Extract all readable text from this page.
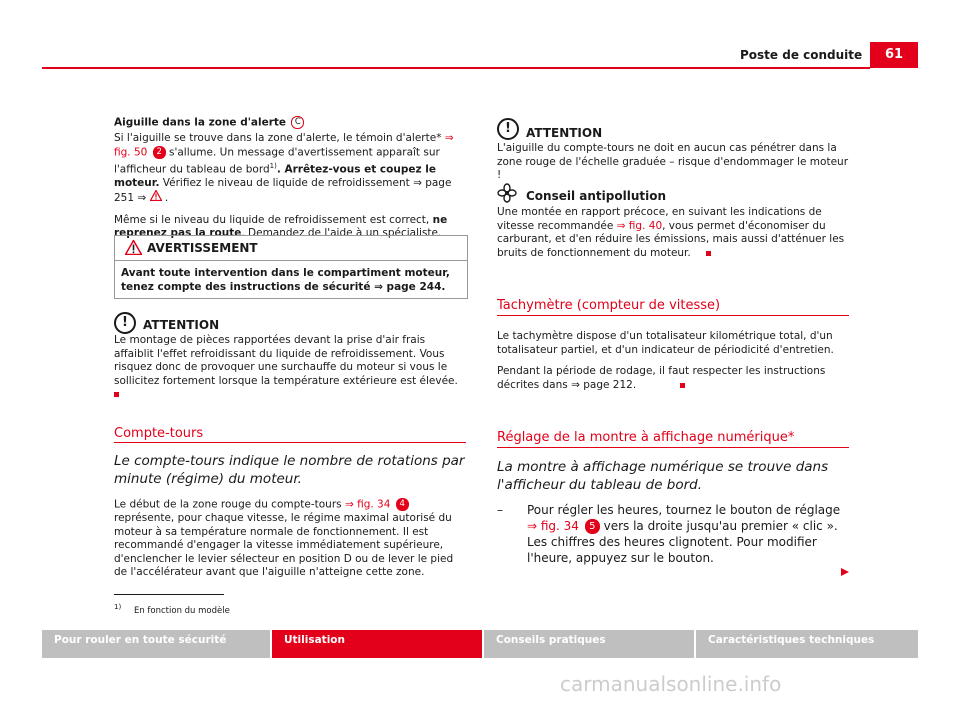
Poste de conduite	61

Aiguille dans la zone d'alerte C

Si l'aiguille se trouve dans la zone d'alerte, le témoin d'alerte* ⇒ fig. 50 2 s'allume. Un message d'avertissement apparaît sur l'afficheur du tableau de bord$^{1)}$. Arrêtez-vous et coupez le moteur. Vérifiez le niveau de liquide de refroidissement ⇒ page 251 ⇒  .

Même si le niveau du liquide de refroidissement est correct, ne reprenez pas la route. Demandez de l'aide à un spécialiste.

AVERTISSEMENT
Avant toute intervention dans le compartiment moteur, tenez compte des instructions de sécurité ⇒ page 244.
!	ATTENTION
Le montage de pièces rapportées devant la prise d'air frais affaiblit l'effet refroidissant du liquide de refroidissement. Vous risquez donc de provoquer une surchauffe du moteur si vous le sollicitez fortement lorsque la température extérieure est élevée.
Compte-tours
Le compte-tours indique le nombre de rotations par minute (régime) du moteur.
Le début de la zone rouge du compte-tours ⇒ fig. 34 4 représente, pour chaque vitesse, le régime maximal autorisé du moteur à sa température normale de fonctionnement. Il est recommandé d'engager la vitesse immédiatement supérieure, d'enclencher le levier sélecteur en position D ou de lever le pied de l'accélérateur avant que l'aiguille n'atteigne cette zone.
!	ATTENTION
L'aiguille du compte-tours ne doit en aucun cas pénétrer dans la zone rouge de l'échelle graduée – risque d'endommager le moteur !
Conseil antipollution
Une montée en rapport précoce, en suivant les indications de vitesse recommandée ⇒ fig. 40, vous permet d'économiser du carburant, et d'en réduire les émissions, mais aussi d'atténuer les bruits de fonctionnement du moteur.
Tachymètre (compteur de vitesse)

Le tachymètre dispose d'un totalisateur kilométrique total, d'un totalisateur partiel, et d'un indicateur de périodicité d'entretien.

Pendant la période de rodage, il faut respecter les instructions décrites dans ⇒ page 212.

Réglage de la montre à affichage numérique*
La montre à affichage numérique se trouve dans l'afficheur du tableau de bord.
– Pour régler les heures, tournez le bouton de réglage ⇒ fig. 34 5 vers la droite jusqu'au premier « clic ». Les chiffres des heures clignotent. Pour modifier l'heure, appuyez sur le bouton.
$^{1)}$ En fonction du modèle
Pour rouler en toute sécurité	Utilisation	Conseils pratiques	Caractéristiques techniques
carmanualsonline.info
